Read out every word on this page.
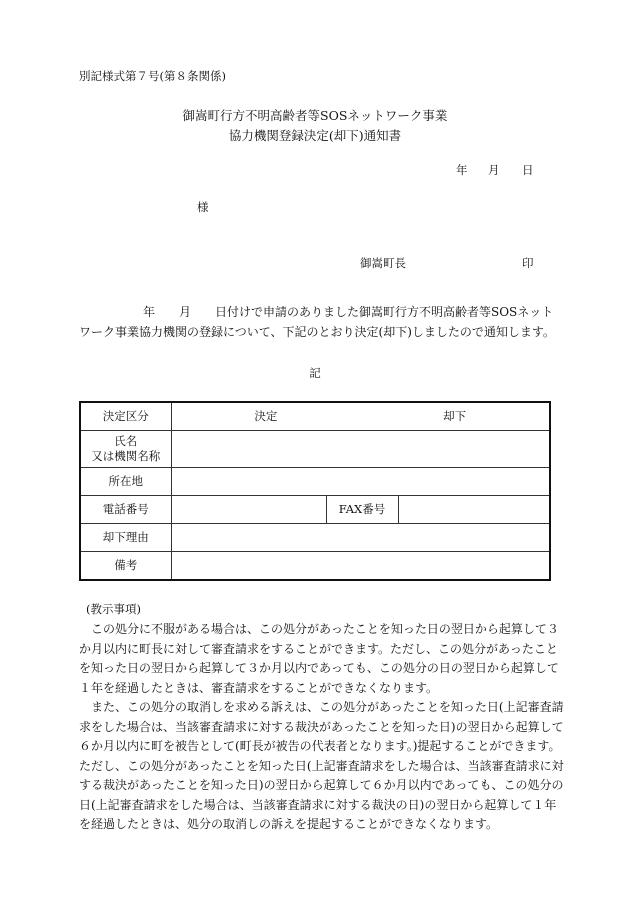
別記様式第７号(第８条関係)
御嵩町行方不明高齢者等SOSネットワーク事業
協力機関登録決定(却下)通知書
年 月 日
様
御嵩町長	印
年　　月　　日付けで申請のありました御嵩町行方不明高齢者等SOSネット
ワーク事業協力機関の登録について、下記のとおり決定(却下)しましたので通知します。
記
決定区分	決定 却下		

氏名
又は機関名称			

所在地			
電話番号		FAX番号	
却下理由			
備考			
(教示事項)
この処分に不服がある場合は、この処分があったことを知った日の翌日から起算して３
か月以内に町長に対して審査請求をすることができます。ただし、この処分があったこと
を知った日の翌日から起算して３か月以内であっても、この処分の日の翌日から起算して
１年を経過したときは、審査請求をすることができなくなります。
また、この処分の取消しを求める訴えは、この処分があったことを知った日(上記審査請
求をした場合は、当該審査請求に対する裁決があったことを知った日)の翌日から起算して
６か月以内に町を被告として(町長が被告の代表者となります。)提起することができます。
ただし、この処分があったことを知った日(上記審査請求をした場合は、当該審査請求に対
する裁決があったことを知った日)の翌日から起算して６か月以内であっても、この処分の
日(上記審査請求をした場合は、当該審査請求に対する裁決の日)の翌日から起算して１年
を経過したときは、処分の取消しの訴えを提起することができなくなります。
